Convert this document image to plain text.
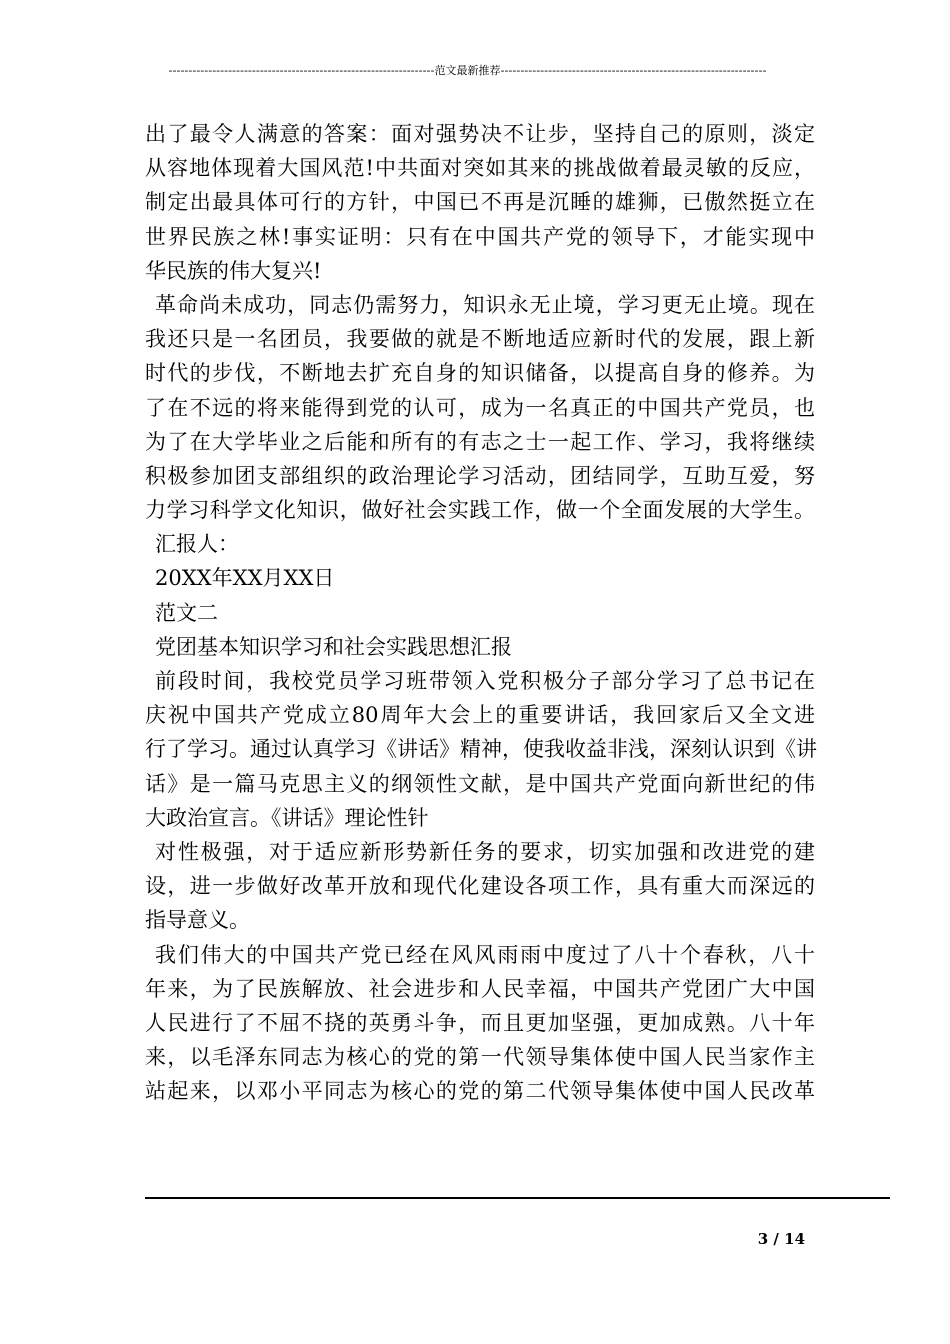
-------------------------------------------------------------------范文最新推荐-------------------------------------------------------------------
出了最令人满意的答案：面对强势决不让步，坚持自己的原则，淡定
从容地体现着大国风范!中共面对突如其来的挑战做着最灵敏的反应，
制定出最具体可行的方针，中国已不再是沉睡的雄狮，已傲然挺立在
世界民族之林!事实证明：只有在中国共产党的领导下，才能实现中
华民族的伟大复兴!
革命尚未成功，同志仍需努力，知识永无止境，学习更无止境。现在
我还只是一名团员，我要做的就是不断地适应新时代的发展，跟上新
时代的步伐，不断地去扩充自身的知识储备，以提高自身的修养。为
了在不远的将来能得到党的认可，成为一名真正的中国共产党员，也
为了在大学毕业之后能和所有的有志之士一起工作、学习，我将继续
积极参加团支部组织的政治理论学习活动，团结同学，互助互爱，努
力学习科学文化知识，做好社会实践工作，做一个全面发展的大学生。
汇报人：
20XX年XX月XX日
范文二
党团基本知识学习和社会实践思想汇报
前段时间，我校党员学习班带领入党积极分子部分学习了总书记在
庆祝中国共产党成立80周年大会上的重要讲话，我回家后又全文进
行了学习。通过认真学习《讲话》精神，使我收益非浅，深刻认识到《讲
话》是一篇马克思主义的纲领性文献，是中国共产党面向新世纪的伟
大政治宣言。《讲话》理论性针
对性极强，对于适应新形势新任务的要求，切实加强和改进党的建
设，进一步做好改革开放和现代化建设各项工作，具有重大而深远的
指导意义。
我们伟大的中国共产党已经在风风雨雨中度过了八十个春秋，八十
年来，为了民族解放、社会进步和人民幸福，中国共产党团广大中国
人民进行了不屈不挠的英勇斗争，而且更加坚强，更加成熟。八十年
来，以毛泽东同志为核心的党的第一代领导集体使中国人民当家作主
站起来，以邓小平同志为核心的党的第二代领导集体使中国人民改革
3 / 14
